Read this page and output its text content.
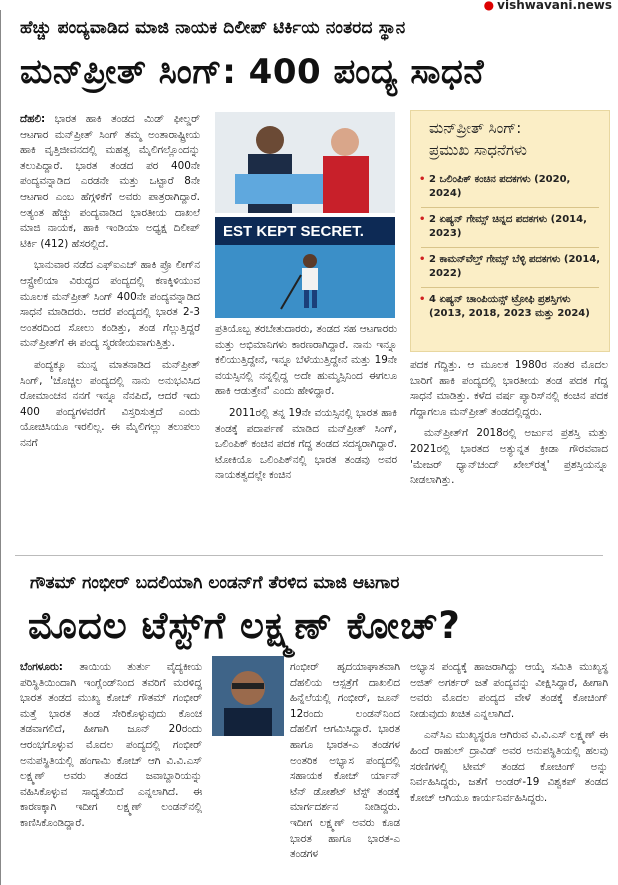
● vishwavani.news
ಹೆಚ್ಚು ಪಂದ್ಯವಾಡಿದ ಮಾಜಿ ನಾಯಕ ದಿಲೀಪ್ ಟಿರ್ಕಿಯ ನಂತರದ ಸ್ಥಾನ
ಮನ್‌ಪ್ರೀತ್ ಸಿಂಗ್: 400 ಪಂದ್ಯ ಸಾಧನೆ

ದೆಹಲಿ: ಭಾರತ ಹಾಕಿ ತಂಡದ ಮಿಡ್ ಫೀಲ್ಡರ್ ಆಟಗಾರ ಮನ್‌ಪ್ರೀತ್ ಸಿಂಗ್ ತಮ್ಮ ಅಂತಾರಾಷ್ಟ್ರೀಯ ಹಾಕಿ ವೃತ್ತಿಜೀವನದಲ್ಲಿ ಮಹತ್ವ ಮೈಲಿಗಲ್ಲೊಂದನ್ನು ತಲುಪಿದ್ದಾರೆ. ಭಾರತ ತಂಡದ ಪರ 400ನೇ ಪಂದ್ಯವನ್ನಾಡಿದ ಎರಡನೇ ಮತ್ತು ಒಟ್ಟಾರೆ 8ನೇ ಆಟಗಾರ ಎಂಬ ಹೆಗ್ಗಳಿಕೆಗೆ ಅವರು ಪಾತ್ರರಾಗಿದ್ದಾರೆ. ಅತ್ಯಂತ ಹೆಚ್ಚು ಪಂದ್ಯವಾಡಿದ ಭಾರತೀಯ ದಾಖಲೆ ಮಾಜಿ ನಾಯಕ, ಹಾಕಿ ಇಂಡಿಯಾ ಅಧ್ಯಕ್ಷ ದಿಲೀಪ್ ಟಿರ್ಕಿ (412) ಹೆಸರಲ್ಲಿದೆ.

ಭಾನುವಾರ ನಡೆದ ಎಫ್‌ಐಎಚ್ ಹಾಕಿ ಪ್ರೊ ಲೀಗ್‌ನ ಆಸ್ಟ್ರೇಲಿಯಾ ವಿರುದ್ಧದ ಪಂದ್ಯದಲ್ಲಿ ಕಣಕ್ಕಿಳಿಯುವ ಮೂಲಕ ಮನ್‌ಪ್ರೀತ್ ಸಿಂಗ್ 400ನೇ ಪಂದ್ಯವನ್ನಾಡಿದ ಸಾಧನೆ ಮಾಡಿದರು. ಆದರೆ ಪಂದ್ಯದಲ್ಲಿ ಭಾರತ 2-3 ಅಂತರದಿಂದ ಸೋಲು ಕಂಡಿತ್ತು, ತಂಡ ಗೆಲ್ಲುತ್ತಿದ್ದರೆ ಮನ್‌ಪ್ರೀತ್‌ಗೆ ಈ ಪಂದ್ಯ ಸ್ಮರಣೀಯವಾಗುತ್ತಿತ್ತು.

ಪಂದ್ಯಕ್ಕೂ ಮುನ್ನ ಮಾತನಾಡಿದ ಮನ್‌ಪ್ರೀತ್ ಸಿಂಗ್, 'ಚೊಚ್ಚಲ ಪಂದ್ಯದಲ್ಲಿ ನಾನು ಅನುಭವಿಸಿದ ರೋಮಾಂಚನ ನನಗೆ ಇನ್ನೂ ನೆನಪಿದೆ, ಆದರೆ ಇದು 400 ಪಂದ್ಯಗಳವರೆಗೆ ವಿಸ್ತರಿಸುತ್ತದೆ ಎಂದು ಯೋಚಿಸಿಯೂ ಇರಲಿಲ್ಲ. ಈ ಮೈಲಿಗಲ್ಲು ತಲುಪಲು ನನಗೆ

EST KEPT SECRET.

ಪ್ರತಿಯೊಬ್ಬ ತರಬೇತುದಾರರು, ತಂಡದ ಸಹ ಆಟಗಾರರು ಮತ್ತು ಅಭಿಮಾನಿಗಳು ಕಾರಣರಾಗಿದ್ದಾರೆ. ನಾನು ಇನ್ನೂ ಕಲಿಯುತ್ತಿದ್ದೇನೆ, ಇನ್ನೂ ಬೆಳೆಯುತ್ತಿದ್ದೇನೆ ಮತ್ತು 19ನೇ ವಯಸ್ಸಿನಲ್ಲಿ ನನ್ನಲ್ಲಿದ್ದ ಅದೇ ಹುಮ್ಮಸ್ಸಿನಿಂದ ಈಗಲೂ ಹಾಕಿ ಆಡುತ್ತೇನೆ' ಎಂದು ಹೇಳಿದ್ದಾರೆ.

2011ರಲ್ಲಿ ತನ್ನ 19ನೇ ವಯಸ್ಸಿನಲ್ಲಿ ಭಾರತ ಹಾಕಿ ತಂಡಕ್ಕೆ ಪದಾರ್ಪಣೆ ಮಾಡಿದ ಮನ್‌ಪ್ರೀತ್ ಸಿಂಗ್, ಒಲಿಂಪಿಕ್ ಕಂಚಿನ ಪದಕ ಗೆದ್ದ ತಂಡದ ಸದಸ್ಯರಾಗಿದ್ದಾರೆ. ಟೋಕಿಯೊ ಒಲಿಂಪಿಕ್‌ನಲ್ಲಿ ಭಾರತ ತಂಡವು ಅವರ ನಾಯಕತ್ವದಲ್ಲೇ ಕಂಚಿನ

ಮನ್‌ಪ್ರೀತ್ ಸಿಂಗ್:
ಪ್ರಮುಖ ಸಾಧನೆಗಳು
• 2 ಒಲಿಂಪಿಕ್ ಕಂಚಿನ ಪದಕಗಳು (2020, 2024)
• 2 ಏಷ್ಯನ್ ಗೇಮ್ಸ್ ಚಿನ್ನದ ಪದಕಗಳು (2014, 2023)
• 2 ಕಾಮನ್‌ವೆಲ್ತ್ ಗೇಮ್ಸ್ ಬೆಳ್ಳಿ ಪದಕಗಳು (2014, 2022)
• 4 ಏಷ್ಯನ್ ಚಾಂಪಿಯನ್ಸ್ ಟ್ರೋಫಿ ಪ್ರಶಸ್ತಿಗಳು (2013, 2018, 2023 ಮತ್ತು 2024)

ಪದಕ ಗೆದ್ದಿತ್ತು. ಆ ಮೂಲಕ 1980ರ ನಂತರ ಮೊದಲ ಬಾರಿಗೆ ಹಾಕಿ ಪಂದ್ಯದಲ್ಲಿ ಭಾರತೀಯ ತಂಡ ಪದಕ ಗೆದ್ದ ಸಾಧನೆ ಮಾಡಿತ್ತು. ಕಳೆದ ವರ್ಷ ಪ್ಯಾರಿಸ್‌ನಲ್ಲಿ ಕಂಚಿನ ಪದಕ ಗೆದ್ದಾಗಲೂ ಮನ್‌ಪ್ರೀತ್ ತಂಡದಲ್ಲಿದ್ದರು.

ಮನ್‌ಪ್ರೀತ್‌ಗೆ 2018ರಲ್ಲಿ ಅರ್ಜುನ ಪ್ರಶಸ್ತಿ ಮತ್ತು 2021ರಲ್ಲಿ ಭಾರತದ ಅತ್ಯುನ್ನತ ಕ್ರೀಡಾ ಗೌರವವಾದ 'ಮೇಜರ್ ಧ್ಯಾನ್‌ಚಂದ್ ಖೇಲ್‌ರತ್ನ' ಪ್ರಶಸ್ತಿಯನ್ನೂ ನೀಡಲಾಗಿತ್ತು.

ಗೌತಮ್ ಗಂಭೀರ್ ಬದಲಿಯಾಗಿ ಲಂಡನ್‌ಗೆ ತೆರಳಿದ ಮಾಜಿ ಆಟಗಾರ
ಮೊದಲ ಟೆಸ್ಟ್‌ಗೆ ಲಕ್ಷ್ಮಣ್ ಕೋಚ್?

ಬೆಂಗಳೂರು: ತಾಯಿಯ ತುರ್ತು ವೈದ್ಯಕೀಯ ಪರಿಸ್ಥಿತಿಯಿಂದಾಗಿ ಇಂಗ್ಲೆಂಡ್‌ನಿಂದ ತವರಿಗೆ ಮರಳಿದ್ದ ಭಾರತ ತಂಡದ ಮುಖ್ಯ ಕೋಚ್ ಗೌತಮ್ ಗಂಭೀರ್ ಮತ್ತೆ ಭಾರತ ತಂಡ ಸೇರಿಕೊಳ್ಳುವುದು ಕೊಂಚ ತಡವಾಗಲಿದೆ, ಹೀಗಾಗಿ ಜೂನ್ 20ರಂದು ಆರಂಭಗೊಳ್ಳುವ ಮೊದಲ ಪಂದ್ಯದಲ್ಲಿ ಗಂಭೀರ್ ಅನುಪಸ್ಥಿತಿಯಲ್ಲಿ ಹಂಗಾಮಿ ಕೋಚ್ ಆಗಿ ವಿ.ವಿ.ಎಸ್ ಲಕ್ಷ್ಮಣ್ ಅವರು ತಂಡದ ಜವಾಬ್ದಾರಿಯನ್ನು ವಹಿಸಿಕೊಳ್ಳುವ ಸಾಧ್ಯತೆಯಿದೆ ಎನ್ನಲಾಗಿದೆ. ಈ ಕಾರಣಕ್ಕಾಗಿ ಇದೀಗ ಲಕ್ಷ್ಮಣ್ ಲಂಡನ್‌ನಲ್ಲಿ ಕಾಣಿಸಿಕೊಂಡಿದ್ದಾರೆ.

ಗಂಭೀರ್ ಹೃದಯಾಘಾತವಾಗಿ ದೆಹಲಿಯ ಆಸ್ಪತ್ರೆಗೆ ದಾಖಲಿದ ಹಿನ್ನೆಲೆಯಲ್ಲಿ ಗಂಭೀರ್, ಜೂನ್ 12ರಂದು ಲಂಡನ್‌ನಿಂದ ದೆಹಲಿಗೆ ಆಗಮಿಸಿದ್ದಾರೆ. ಭಾರತ ಹಾಗೂ ಭಾರತ-ಎ ತಂಡಗಳ ಅಂತರಿಕ ಅಭ್ಯಾಸ ಪಂದ್ಯದಲ್ಲಿ ಸಹಾಯಕ ಕೋಚ್ ರ್ಯಾನ್ ಟೆನ್ ಡೋಶೆಟ್ ಟೆಸ್ಟ್ ತಂಡಕ್ಕೆ ಮಾರ್ಗದರ್ಶನ ನೀಡಿದ್ದರು. ಇದೀಗ ಲಕ್ಷ್ಮಣ್ ಅವರು ಕೂಡ ಭಾರತ ಹಾಗೂ ಭಾರತ-ಎ ತಂಡಗಳ

ಅಭ್ಯಾಸ ಪಂದ್ಯಕ್ಕೆ ಹಾಜರಾಗಿದ್ದು ಆಯ್ಕೆ ಸಮಿತಿ ಮುಖ್ಯಸ್ಥ ಅಜಿತ್ ಅಗರ್ಕರ್ ಜತೆ ಪಂದ್ಯವನ್ನು ವೀಕ್ಷಿಸಿದ್ದಾರೆ, ಹೀಗಾಗಿ ಅವರು ಮೊದಲ ಪಂದ್ಯದ ವೇಳೆ ತಂಡಕ್ಕೆ ಕೋಚಿಂಗ್ ನೀಡುವುದು ಖಚಿತ ಎನ್ನಲಾಗಿದೆ.

ಎನ್‌ಸಿಎ ಮುಖ್ಯಸ್ಥರೂ ಆಗಿರುವ ವಿ.ವಿ.ಎಸ್ ಲಕ್ಷ್ಮಣ್ ಈ ಹಿಂದೆ ರಾಹುಲ್ ದ್ರಾವಿಡ್ ಅವರ ಅನುಪಸ್ಥಿತಿಯಲ್ಲಿ ಹಲವು ಸರಣಿಗಳಲ್ಲಿ ಟೀಮ್ ತಂಡದ ಕೋಚಿಂಗ್ ಅನ್ನು ನಿರ್ವಹಿಸಿದ್ದರು, ಜತೆಗೆ ಅಂಡರ್-19 ವಿಶ್ವಕಪ್ ತಂಡದ ಕೋಚ್ ಆಗಿಯೂ ಕಾರ್ಯನಿರ್ವಹಿಸಿದ್ದರು.
